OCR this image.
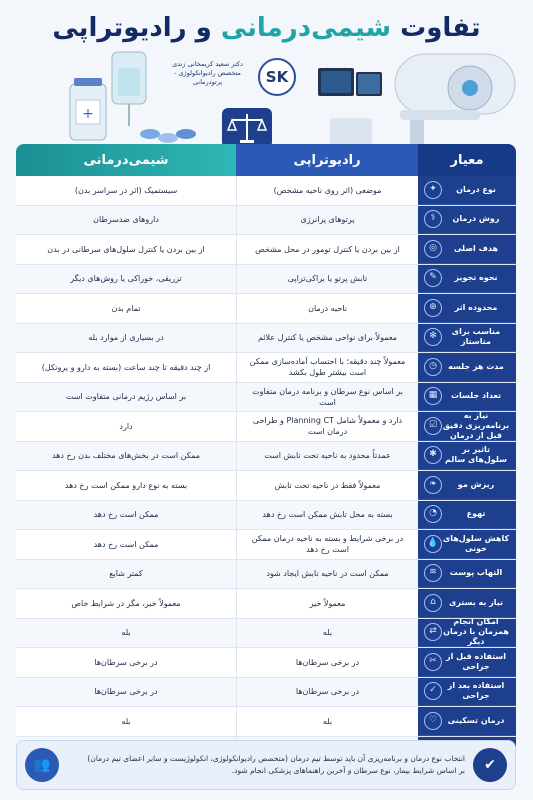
تفاوت شیمی‌درمانی و رادیوتراپی
+
دکتر سعید کریمخانی زندی
متخصص رادیوانکولوژی - پرتودرمانی	SK
معیار
رادیوتراپی
شیمی‌درمانی
نوع درمان
✦
موضعی (اثر روی ناحیه مشخص)
سیستمیک (اثر در سراسر بدن)
روش درمان
⚕
پرتوهای پرانرژی
داروهای ضدسرطان
هدف اصلی
◎
از بین بردن یا کنترل تومور در محل مشخص
از بین بردن یا کنترل سلول‌های سرطانی در بدن
نحوه تجویز
✎
تابش پرتو یا براکی‌تراپی
تزریقی، خوراکی یا روش‌های دیگر
محدوده اثر
⊕
ناحیه درمان
تمام بدن
مناسب برای متاستاز
✻
معمولاً برای نواحی مشخص یا کنترل علائم
در بسیاری از موارد بله
مدت هر جلسه
◷
معمولاً چند دقیقه؛ با احتساب آماده‌سازی ممکن است بیشتر طول بکشد
از چند دقیقه تا چند ساعت (بسته به دارو و پروتکل)
تعداد جلسات
▦
بر اساس نوع سرطان و برنامه درمان متفاوت است
بر اساس رژیم درمانی متفاوت است
نیاز به برنامه‌ریزی دقیق قبل از درمان
☑
دارد و معمولاً شامل Planning CT و طراحی درمان است
دارد
تاثیر بر سلول‌های سالم
✱
عمدتاً محدود به ناحیه تحت تابش است
ممکن است در بخش‌های مختلف بدن رخ دهد
ریزش مو
❧
معمولاً فقط در ناحیه تحت تابش
بسته به نوع دارو ممکن است رخ دهد
تهوع
◔
بسته به محل تابش ممکن است رخ دهد
ممکن است رخ دهد
کاهش سلول‌های خونی
💧
در برخی شرایط و بسته به ناحیه درمان ممکن است رخ دهد
ممکن است رخ دهد
التهاب پوست
≋
ممکن است در ناحیه تابش ایجاد شود
کمتر شایع
نیاز به بستری
⌂
معمولاً خیر
معمولاً خیر، مگر در شرایط خاص
امکان انجام همزمان با درمان دیگر
⇄
بله
بله
استفاده قبل از جراحی
✂
در برخی سرطان‌ها
در برخی سرطان‌ها
استفاده بعد از جراحی
✓
در برخی سرطان‌ها
در برخی سرطان‌ها
درمان تسکینی
♡
بله
بله
✔
انتخاب نوع درمان و برنامه‌ریزی آن باید توسط تیم درمان (متخصص رادیوانکولوژی، انکولوژیست و سایر اعضای تیم درمان)
بر اساس شرایط بیمار، نوع سرطان و آخرین راهنماهای پزشکی انجام شود.
👥
